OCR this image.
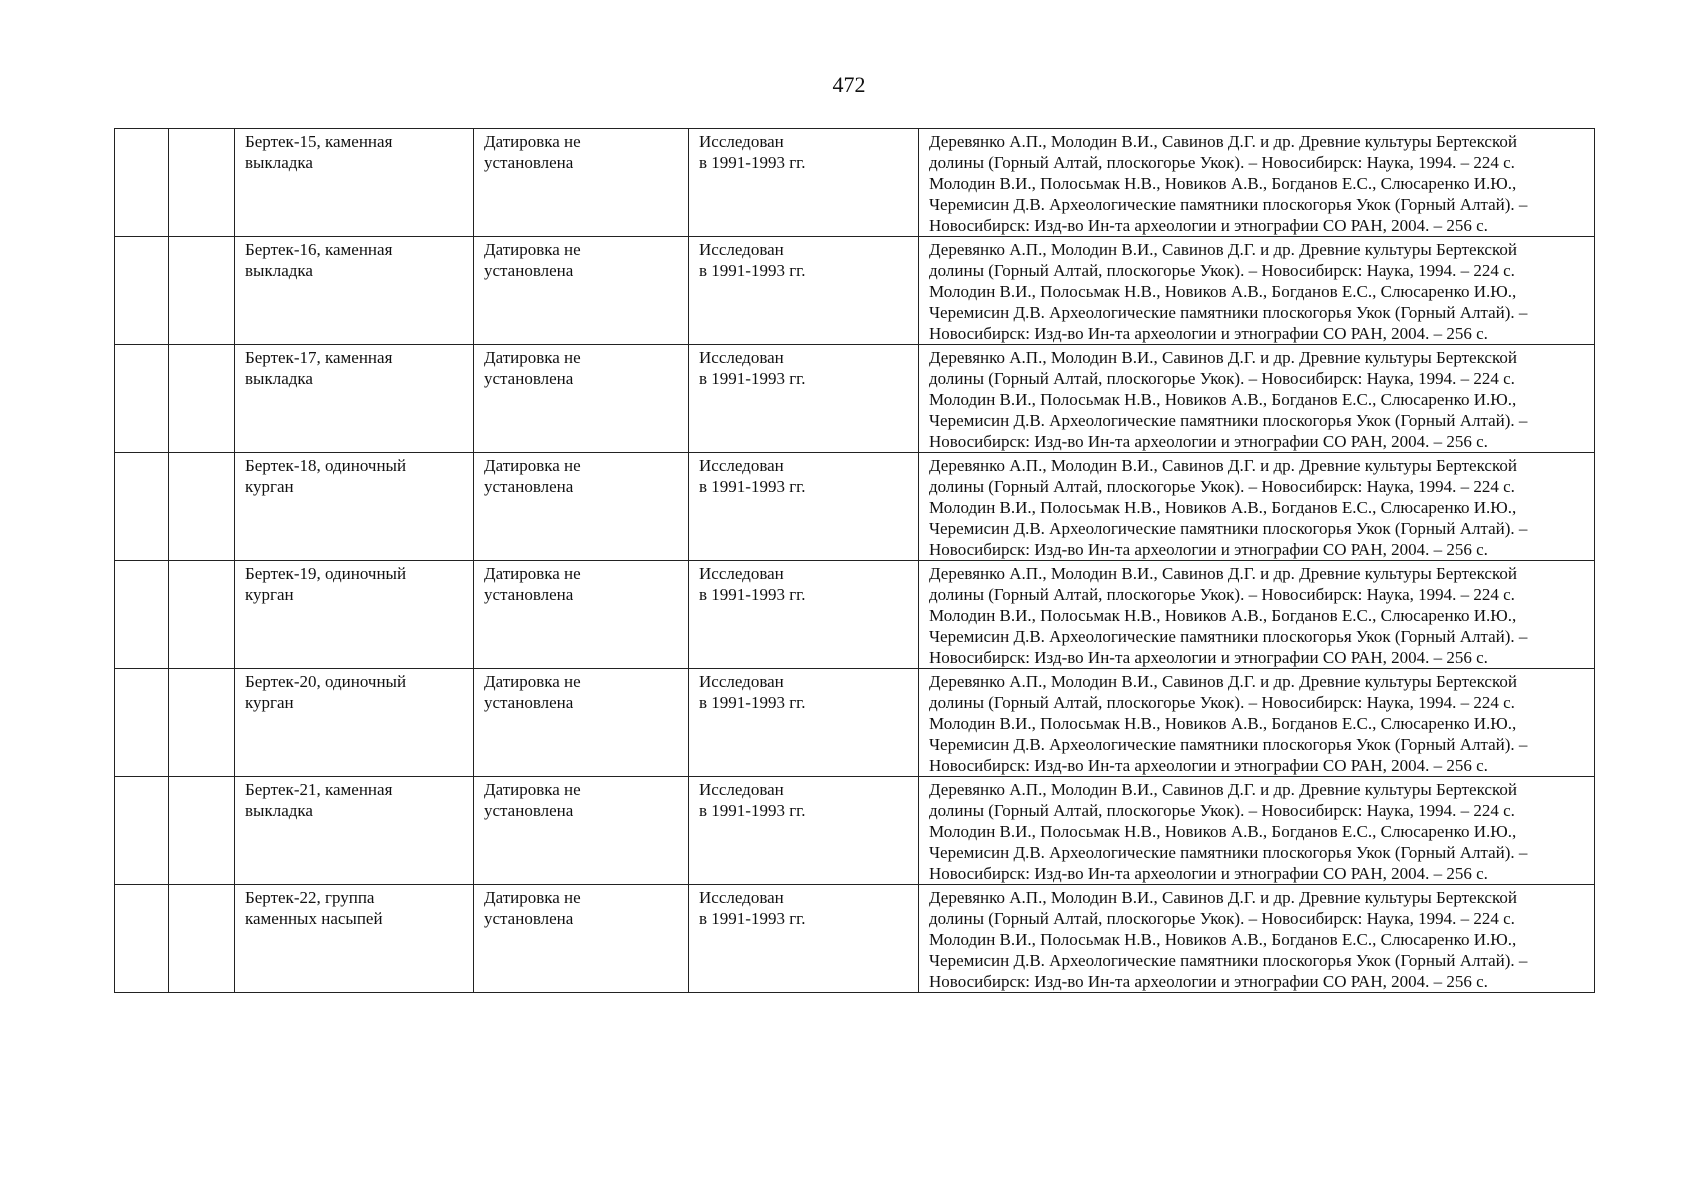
472

		Бертек-15, каменная
выкладка	Датировка не
установлена	Исследован
в 1991-1993 гг.	Деревянко А.П., Молодин В.И., Савинов Д.Г. и др. Древние культуры Бертекской
долины (Горный Алтай, плоскогорье Укок). – Новосибирск: Наука, 1994. – 224 с.
Молодин В.И., Полосьмак Н.В., Новиков А.В., Богданов Е.С., Слюсаренко И.Ю.,
Черемисин Д.В. Археологические памятники плоскогорья Укок (Горный Алтай). –
Новосибирск: Изд-во Ин-та археологии и этнографии СО РАН, 2004. – 256 с.

		Бертек-16, каменная
выкладка	Датировка не
установлена	Исследован
в 1991-1993 гг.	Деревянко А.П., Молодин В.И., Савинов Д.Г. и др. Древние культуры Бертекской
долины (Горный Алтай, плоскогорье Укок). – Новосибирск: Наука, 1994. – 224 с.
Молодин В.И., Полосьмак Н.В., Новиков А.В., Богданов Е.С., Слюсаренко И.Ю.,
Черемисин Д.В. Археологические памятники плоскогорья Укок (Горный Алтай). –
Новосибирск: Изд-во Ин-та археологии и этнографии СО РАН, 2004. – 256 с.

		Бертек-17, каменная
выкладка	Датировка не
установлена	Исследован
в 1991-1993 гг.	Деревянко А.П., Молодин В.И., Савинов Д.Г. и др. Древние культуры Бертекской
долины (Горный Алтай, плоскогорье Укок). – Новосибирск: Наука, 1994. – 224 с.
Молодин В.И., Полосьмак Н.В., Новиков А.В., Богданов Е.С., Слюсаренко И.Ю.,
Черемисин Д.В. Археологические памятники плоскогорья Укок (Горный Алтай). –
Новосибирск: Изд-во Ин-та археологии и этнографии СО РАН, 2004. – 256 с.

		Бертек-18, одиночный
курган	Датировка не
установлена	Исследован
в 1991-1993 гг.	Деревянко А.П., Молодин В.И., Савинов Д.Г. и др. Древние культуры Бертекской
долины (Горный Алтай, плоскогорье Укок). – Новосибирск: Наука, 1994. – 224 с.
Молодин В.И., Полосьмак Н.В., Новиков А.В., Богданов Е.С., Слюсаренко И.Ю.,
Черемисин Д.В. Археологические памятники плоскогорья Укок (Горный Алтай). –
Новосибирск: Изд-во Ин-та археологии и этнографии СО РАН, 2004. – 256 с.

		Бертек-19, одиночный
курган	Датировка не
установлена	Исследован
в 1991-1993 гг.	Деревянко А.П., Молодин В.И., Савинов Д.Г. и др. Древние культуры Бертекской
долины (Горный Алтай, плоскогорье Укок). – Новосибирск: Наука, 1994. – 224 с.
Молодин В.И., Полосьмак Н.В., Новиков А.В., Богданов Е.С., Слюсаренко И.Ю.,
Черемисин Д.В. Археологические памятники плоскогорья Укок (Горный Алтай). –
Новосибирск: Изд-во Ин-та археологии и этнографии СО РАН, 2004. – 256 с.

		Бертек-20, одиночный
курган	Датировка не
установлена	Исследован
в 1991-1993 гг.	Деревянко А.П., Молодин В.И., Савинов Д.Г. и др. Древние культуры Бертекской
долины (Горный Алтай, плоскогорье Укок). – Новосибирск: Наука, 1994. – 224 с.
Молодин В.И., Полосьмак Н.В., Новиков А.В., Богданов Е.С., Слюсаренко И.Ю.,
Черемисин Д.В. Археологические памятники плоскогорья Укок (Горный Алтай). –
Новосибирск: Изд-во Ин-та археологии и этнографии СО РАН, 2004. – 256 с.

		Бертек-21, каменная
выкладка	Датировка не
установлена	Исследован
в 1991-1993 гг.	Деревянко А.П., Молодин В.И., Савинов Д.Г. и др. Древние культуры Бертекской
долины (Горный Алтай, плоскогорье Укок). – Новосибирск: Наука, 1994. – 224 с.
Молодин В.И., Полосьмак Н.В., Новиков А.В., Богданов Е.С., Слюсаренко И.Ю.,
Черемисин Д.В. Археологические памятники плоскогорья Укок (Горный Алтай). –
Новосибирск: Изд-во Ин-та археологии и этнографии СО РАН, 2004. – 256 с.

		Бертек-22, группа
каменных насыпей	Датировка не
установлена	Исследован
в 1991-1993 гг.	Деревянко А.П., Молодин В.И., Савинов Д.Г. и др. Древние культуры Бертекской
долины (Горный Алтай, плоскогорье Укок). – Новосибирск: Наука, 1994. – 224 с.
Молодин В.И., Полосьмак Н.В., Новиков А.В., Богданов Е.С., Слюсаренко И.Ю.,
Черемисин Д.В. Археологические памятники плоскогорья Укок (Горный Алтай). –
Новосибирск: Изд-во Ин-та археологии и этнографии СО РАН, 2004. – 256 с.
